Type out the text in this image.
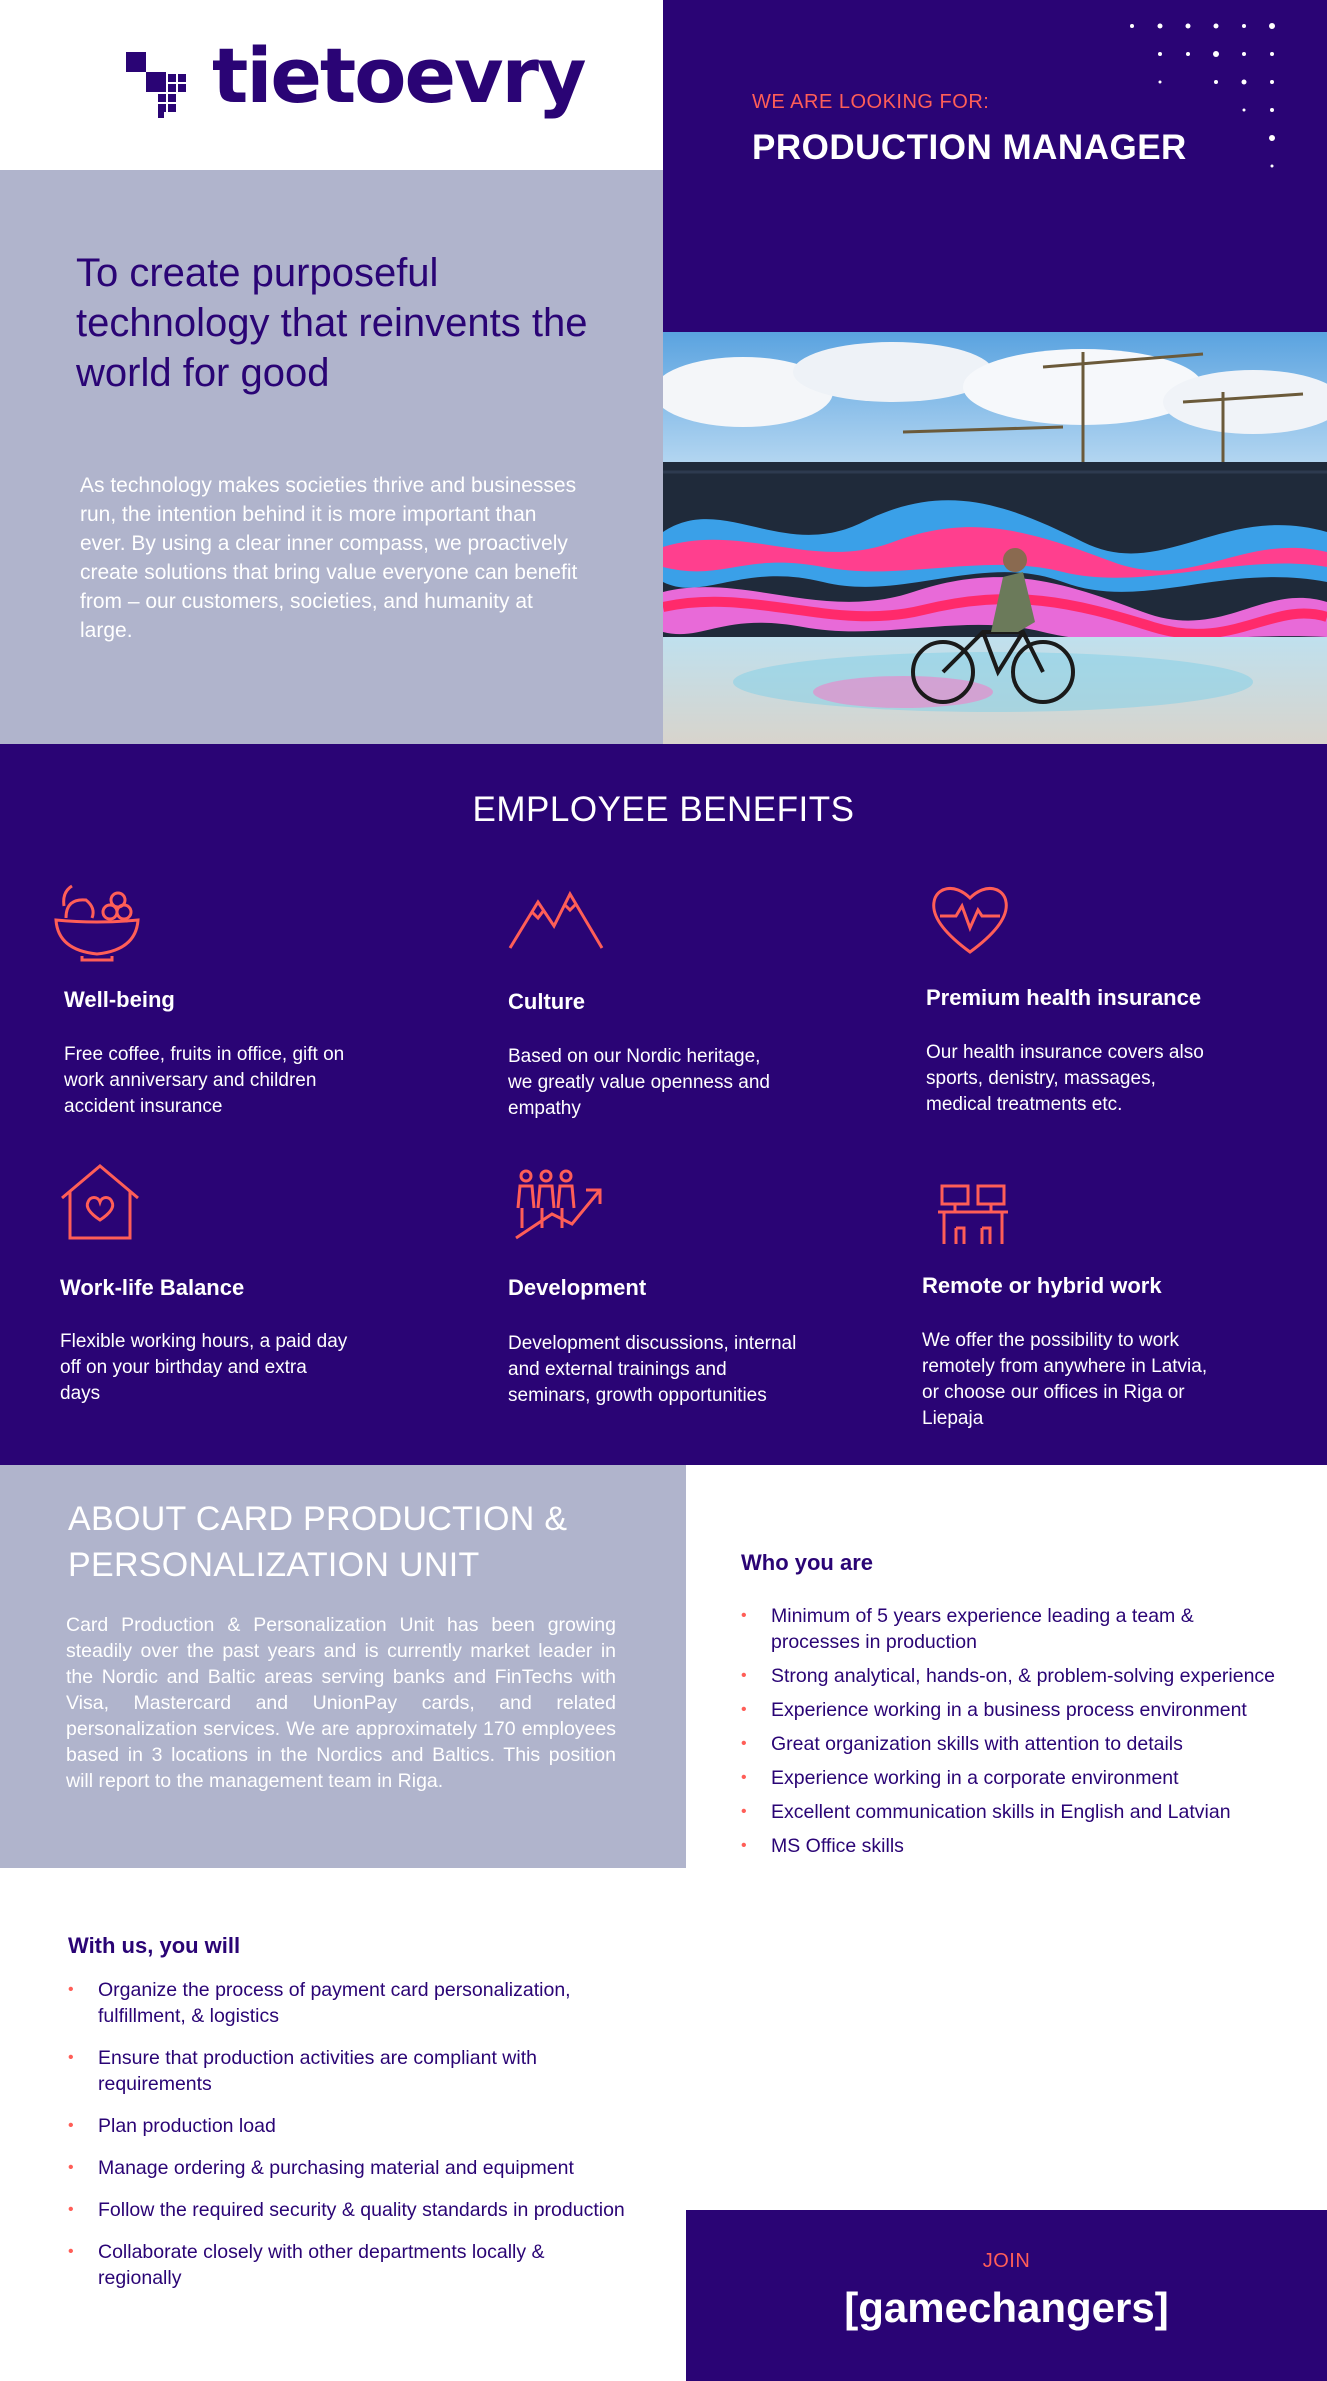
tietoevry	WE ARE LOOKING FOR:
PRODUCTION MANAGER
To create purposeful technology that reinvents the world for good
As technology makes societies thrive and businesses run, the intention behind it is more important than ever. By using a clear inner compass, we proactively create solutions that bring value everyone can benefit from – our customers, societies, and humanity at large.
EMPLOYEE BENEFITS
Well-being
Free coffee, fruits in office, gift on work anniversary and children accident insurance
Culture
Based on our Nordic heritage, we greatly value openness and empathy
Premium health insurance
Our health insurance covers also sports, denistry, massages, medical treatments etc.
Work-life Balance
Flexible working hours, a paid day off on your birthday and extra days
Development
Development discussions, internal and external trainings and seminars, growth opportunities
Remote or hybrid work
We offer the possibility to work remotely from anywhere in Latvia, or choose our offices in Riga or Liepaja
ABOUT CARD PRODUCTION & PERSONALIZATION UNIT
Card Production & Personalization Unit has been growing steadily over the past years and is currently market leader in the Nordic and Baltic areas serving banks and FinTechs with Visa, Mastercard and UnionPay cards, and related personalization services. We are approximately 170 employees based in 3 locations in the Nordics and Baltics. This position will report to the management team in Riga.
Who you are
• Minimum of 5 years experience leading a team & processes in production
• Strong analytical, hands-on, & problem-solving experience
• Experience working in a business process environment
• Great organization skills with attention to details
• Experience working in a corporate environment
• Excellent communication skills in English and Latvian
• MS Office skills
With us, you will
• Organize the process of payment card personalization, fulfillment, & logistics
• Ensure that production activities are compliant with requirements
• Plan production load
• Manage ordering & purchasing material and equipment
• Follow the required security & quality standards in production
• Collaborate closely with other departments locally & regionally
JOIN
[gamechangers]
